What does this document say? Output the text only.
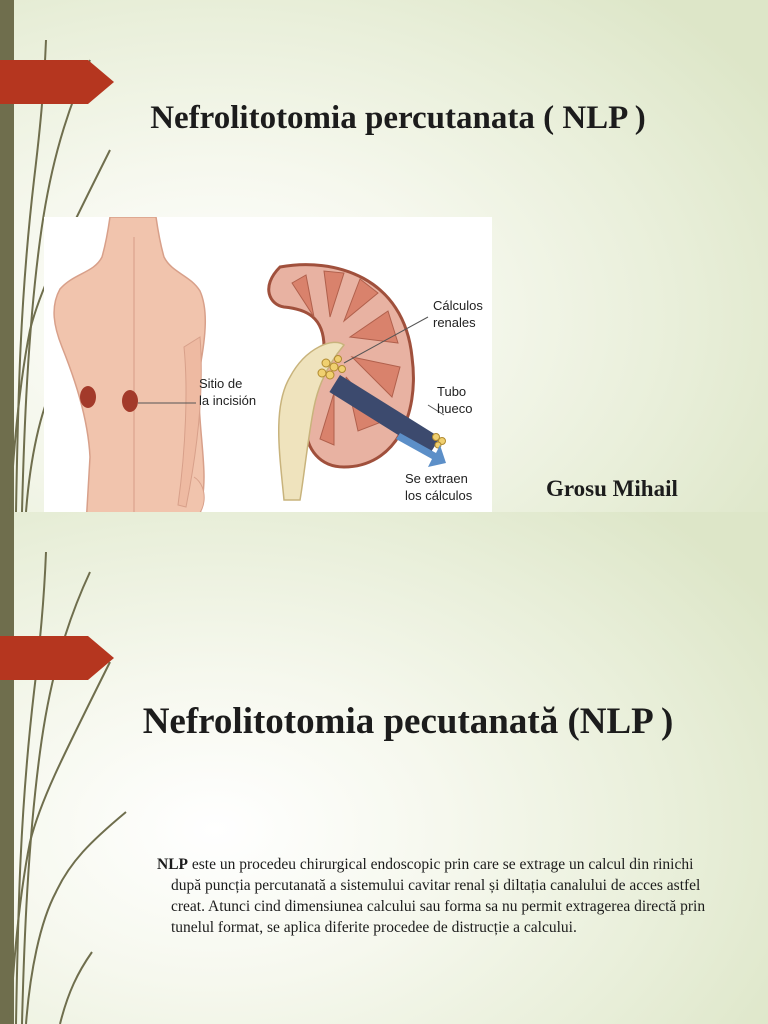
Nefrolitotomia percutanata ( NLP )
Sitio de
la incisión
Cálculos
renales
Tubo
hueco
Se extraen
los cálculos	Grosu Mihail
Nefrolitotomia pecutanată (NLP )

NLP este un procedeu chirurgical endoscopic prin care se extrage un calcul din rinichi după puncția percutanată a sistemului cavitar renal și diltația canalului de acces astfel creat. Atunci cind dimensiunea calcului sau forma sa nu permit extragerea directă prin tunelul format, se aplica diferite procedee de distrucție a calcului.
